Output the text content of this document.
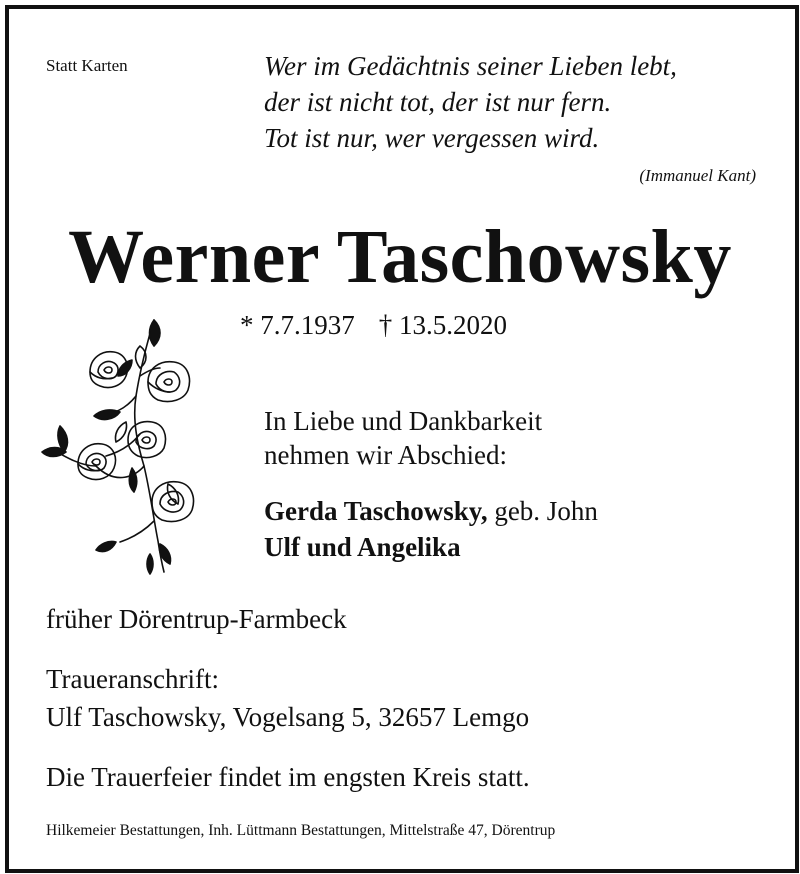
Statt Karten	Wer im Gedächtnis seiner Lieben lebt,
der ist nicht tot, der ist nur fern.
Tot ist nur, wer vergessen wird.
(Immanuel Kant)
Werner Taschowsky
* 7.7.1937 † 13.5.2020
In Liebe und Dankbarkeit
nehmen wir Abschied:
Gerda Taschowsky, geb. John
Ulf und Angelika
früher Dörentrup-Farmbeck
Traueranschrift:
Ulf Taschowsky, Vogelsang 5, 32657 Lemgo
Die Trauerfeier findet im engsten Kreis statt.
Hilkemeier Bestattungen, Inh. Lüttmann Bestattungen, Mittelstraße 47, Dörentrup
